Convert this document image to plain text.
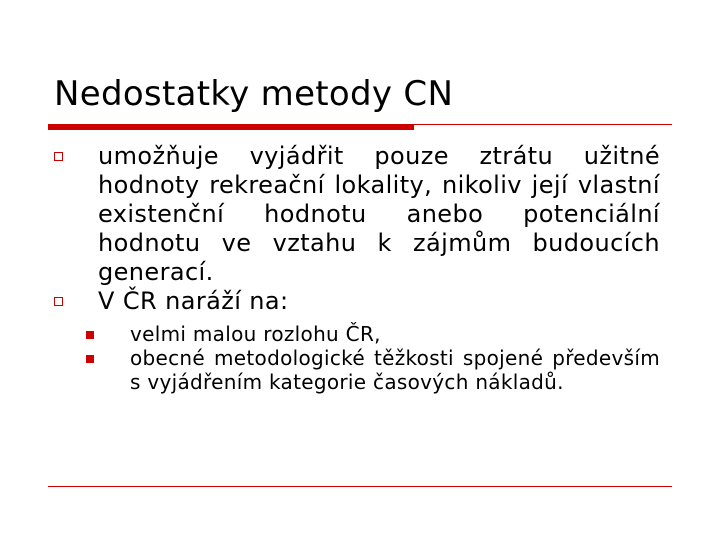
Nedostatky metody CN

umožňuje vyjádřit pouze ztrátu užitné hodnoty rekreační lokality, nikoliv její vlastní existenční hodnotu anebo potenciální hodnotu ve vztahu k zájmům budoucích generací.

V ČR naráží na:

velmi malou rozlohu ČR,
obecné metodologické těžkosti spojené především s vyjádřením kategorie časových nákladů.
